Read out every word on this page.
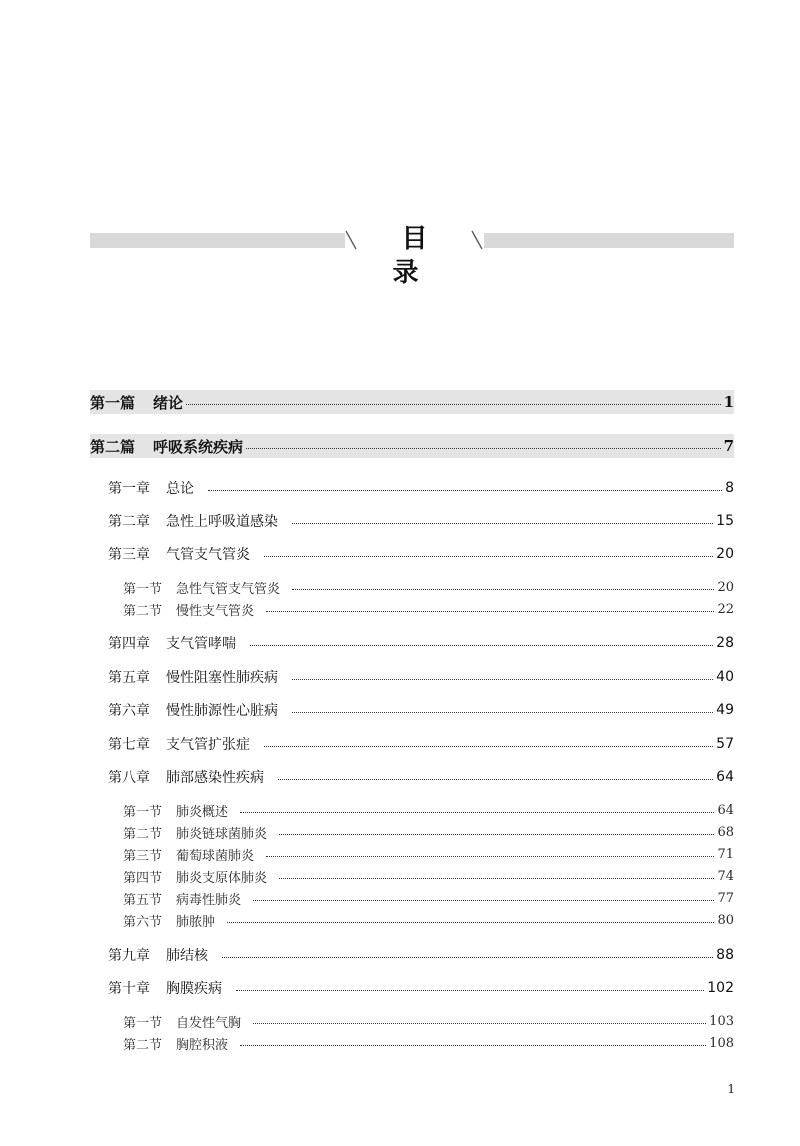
目 录
第一篇 绪论	1
第二篇 呼吸系统疾病	7
第一章 总论	8
第二章 急性上呼吸道感染	15
第三章 气管支气管炎	20
第一节 急性气管支气管炎	20
第二节 慢性支气管炎	22
第四章 支气管哮喘	28
第五章 慢性阻塞性肺疾病	40
第六章 慢性肺源性心脏病	49
第七章 支气管扩张症	57
第八章 肺部感染性疾病	64
第一节 肺炎概述	64
第二节 肺炎链球菌肺炎	68
第三节 葡萄球菌肺炎	71
第四节 肺炎支原体肺炎	74
第五节 病毒性肺炎	77
第六节 肺脓肿	80
第九章 肺结核	88
第十章 胸膜疾病	102
第一节 自发性气胸	103
第二节 胸腔积液	108
1
